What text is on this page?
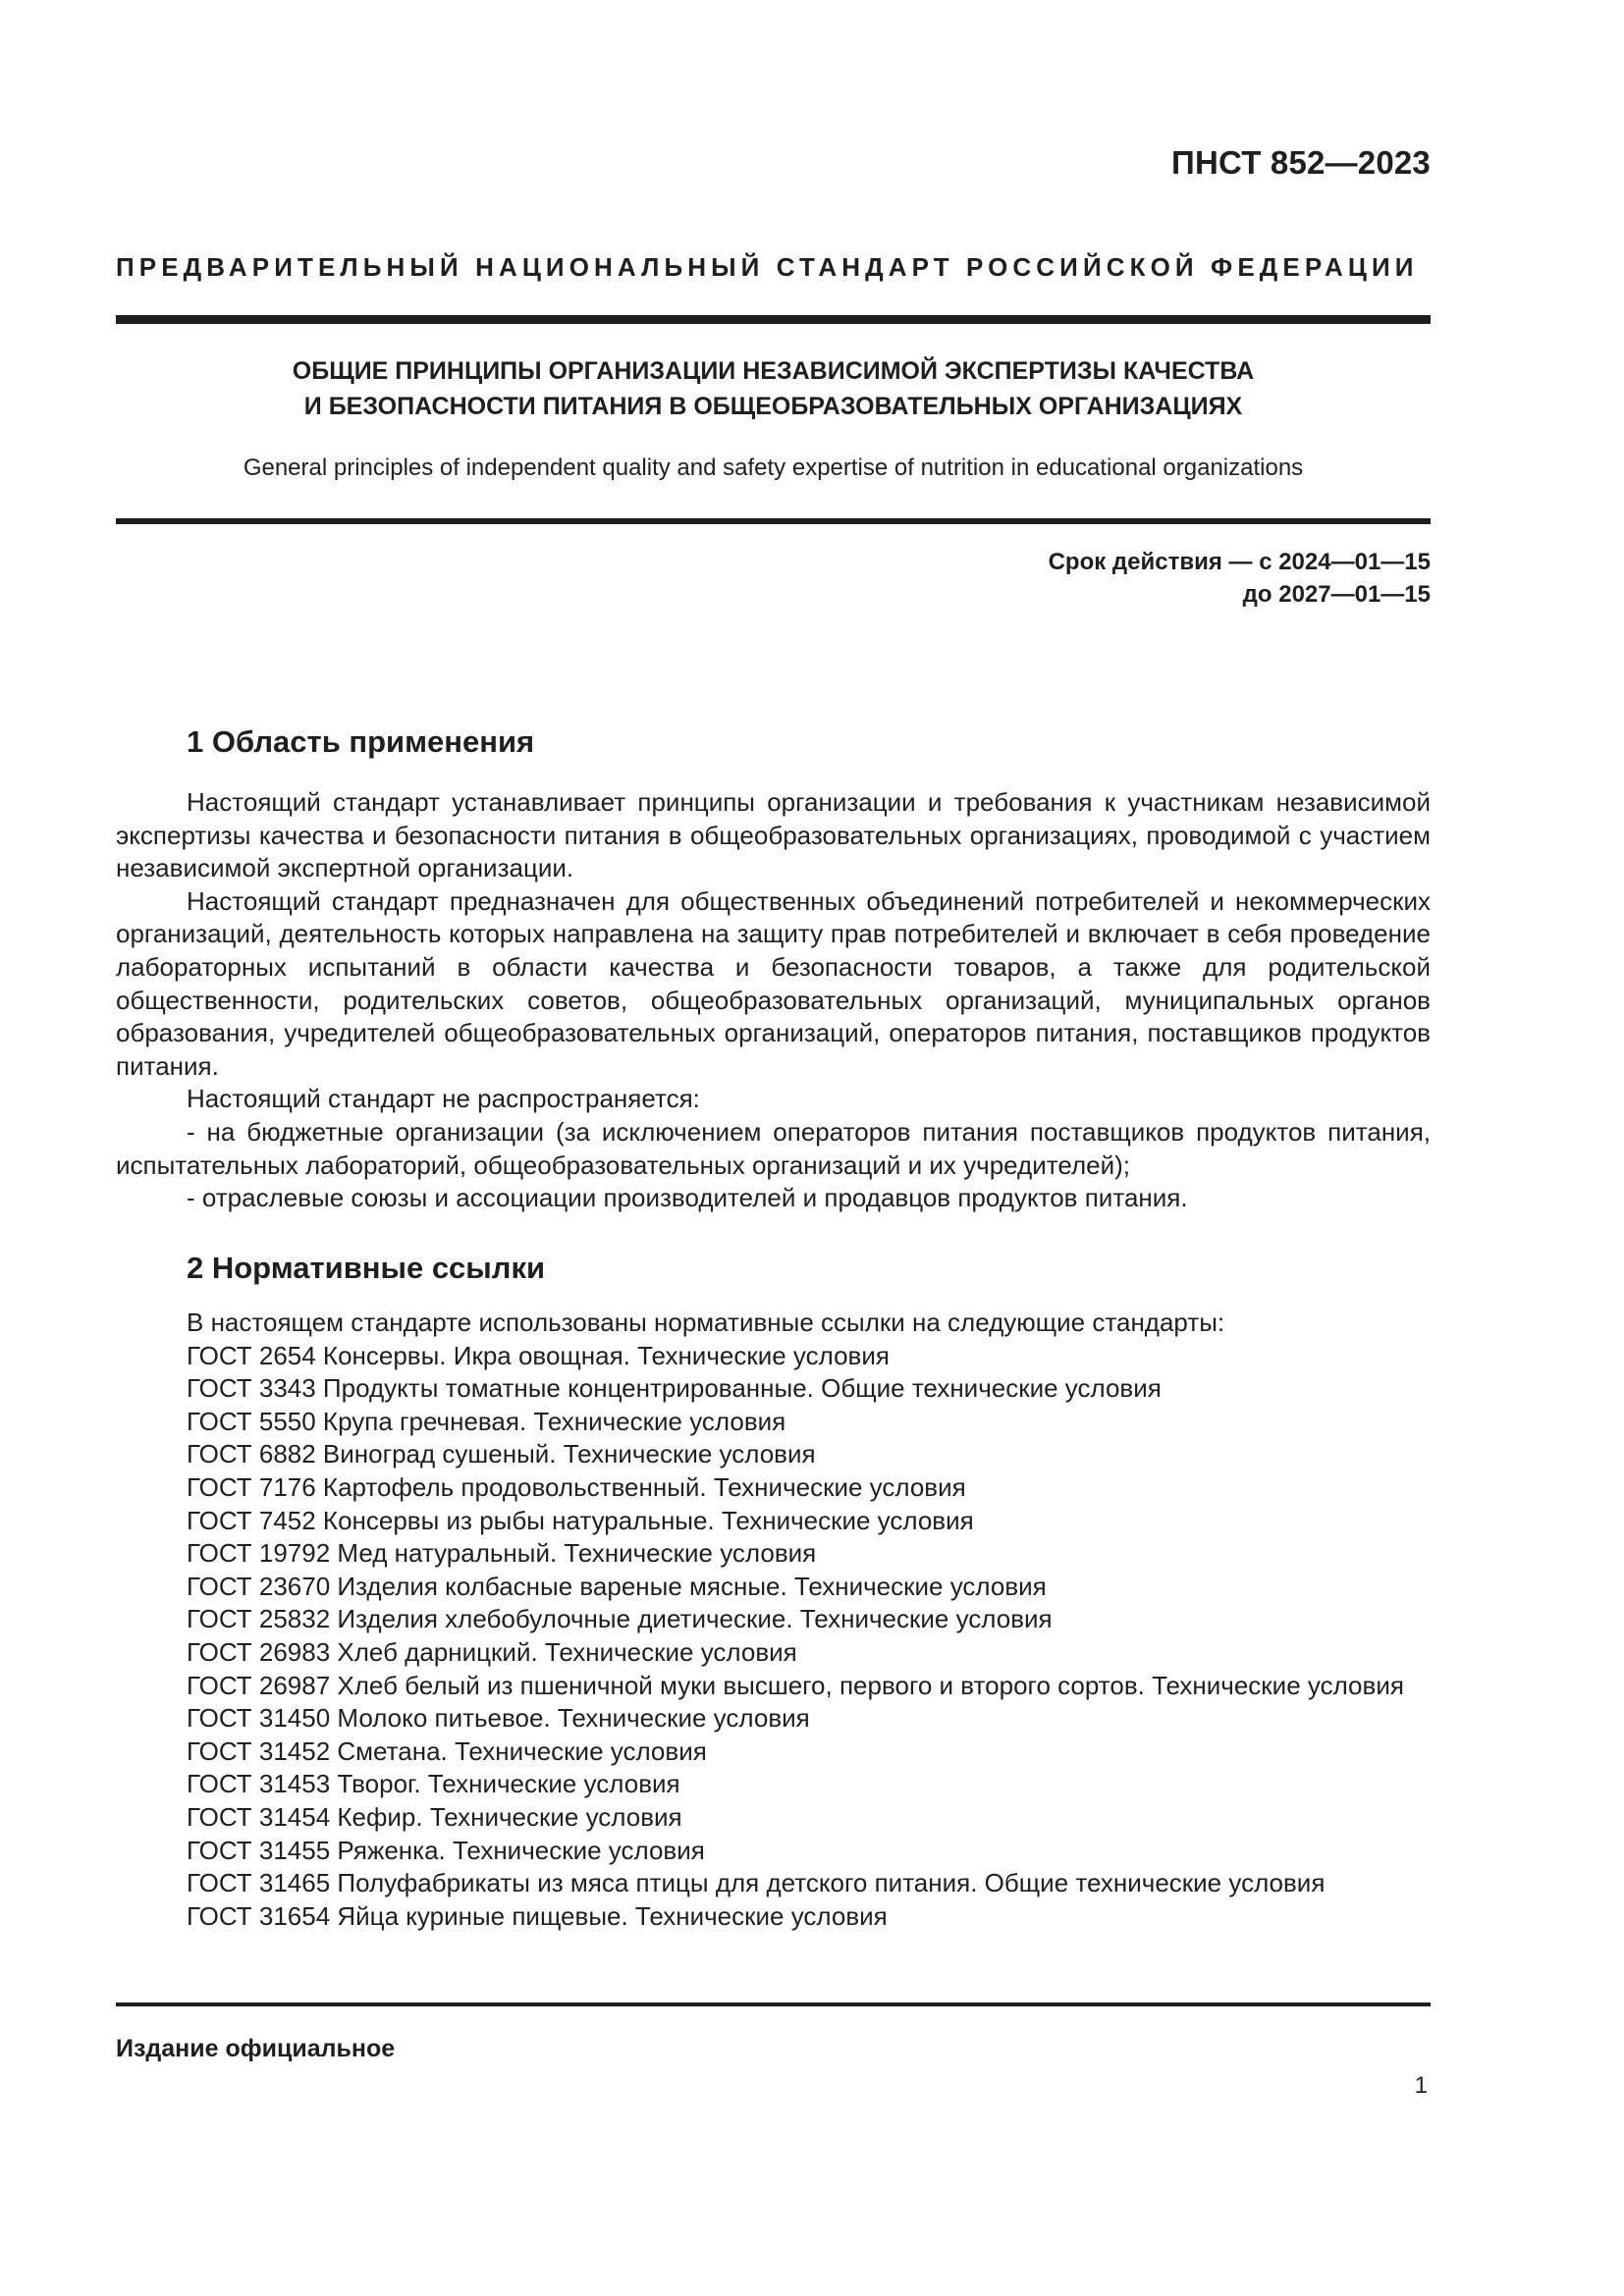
ПНСТ 852—2023
ПРЕДВАРИТЕЛЬНЫЙ НАЦИОНАЛЬНЫЙ СТАНДАРТ РОССИЙСКОЙ ФЕДЕРАЦИИ
ОБЩИЕ ПРИНЦИПЫ ОРГАНИЗАЦИИ НЕЗАВИСИМОЙ ЭКСПЕРТИЗЫ КАЧЕСТВА
И БЕЗОПАСНОСТИ ПИТАНИЯ В ОБЩЕОБРАЗОВАТЕЛЬНЫХ ОРГАНИЗАЦИЯХ
General principles of independent quality and safety expertise of nutrition in educational organizations
Срок действия — с 2024—01—15
до 2027—01—15
1 Область применения

Настоящий стандарт устанавливает принципы организации и требования к участникам независимой экспертизы качества и безопасности питания в общеобразовательных организациях, проводимой с участием независимой экспертной организации.

Настоящий стандарт предназначен для общественных объединений потребителей и некоммерческих организаций, деятельность которых направлена на защиту прав потребителей и включает в себя проведение лабораторных испытаний в области качества и безопасности товаров, а также для родительской общественности, родительских советов, общеобразовательных организаций, муниципальных органов образования, учредителей общеобразовательных организаций, операторов питания, поставщиков продуктов питания.

Настоящий стандарт не распространяется:

- на бюджетные организации (за исключением операторов питания поставщиков продуктов питания, испытательных лабораторий, общеобразовательных организаций и их учредителей);

- отраслевые союзы и ассоциации производителей и продавцов продуктов питания.

2 Нормативные ссылки

В настоящем стандарте использованы нормативные ссылки на следующие стандарты:

ГОСТ 2654 Консервы. Икра овощная. Технические условия

ГОСТ 3343 Продукты томатные концентрированные. Общие технические условия

ГОСТ 5550 Крупа гречневая. Технические условия

ГОСТ 6882 Виноград сушеный. Технические условия

ГОСТ 7176 Картофель продовольственный. Технические условия

ГОСТ 7452 Консервы из рыбы натуральные. Технические условия

ГОСТ 19792 Мед натуральный. Технические условия

ГОСТ 23670 Изделия колбасные вареные мясные. Технические условия

ГОСТ 25832 Изделия хлебобулочные диетические. Технические условия

ГОСТ 26983 Хлеб дарницкий. Технические условия

ГОСТ 26987 Хлеб белый из пшеничной муки высшего, первого и второго сортов. Технические условия

ГОСТ 31450 Молоко питьевое. Технические условия

ГОСТ 31452 Сметана. Технические условия

ГОСТ 31453 Творог. Технические условия

ГОСТ 31454 Кефир. Технические условия

ГОСТ 31455 Ряженка. Технические условия

ГОСТ 31465 Полуфабрикаты из мяса птицы для детского питания. Общие технические условия

ГОСТ 31654 Яйца куриные пищевые. Технические условия

Издание официальное
1
